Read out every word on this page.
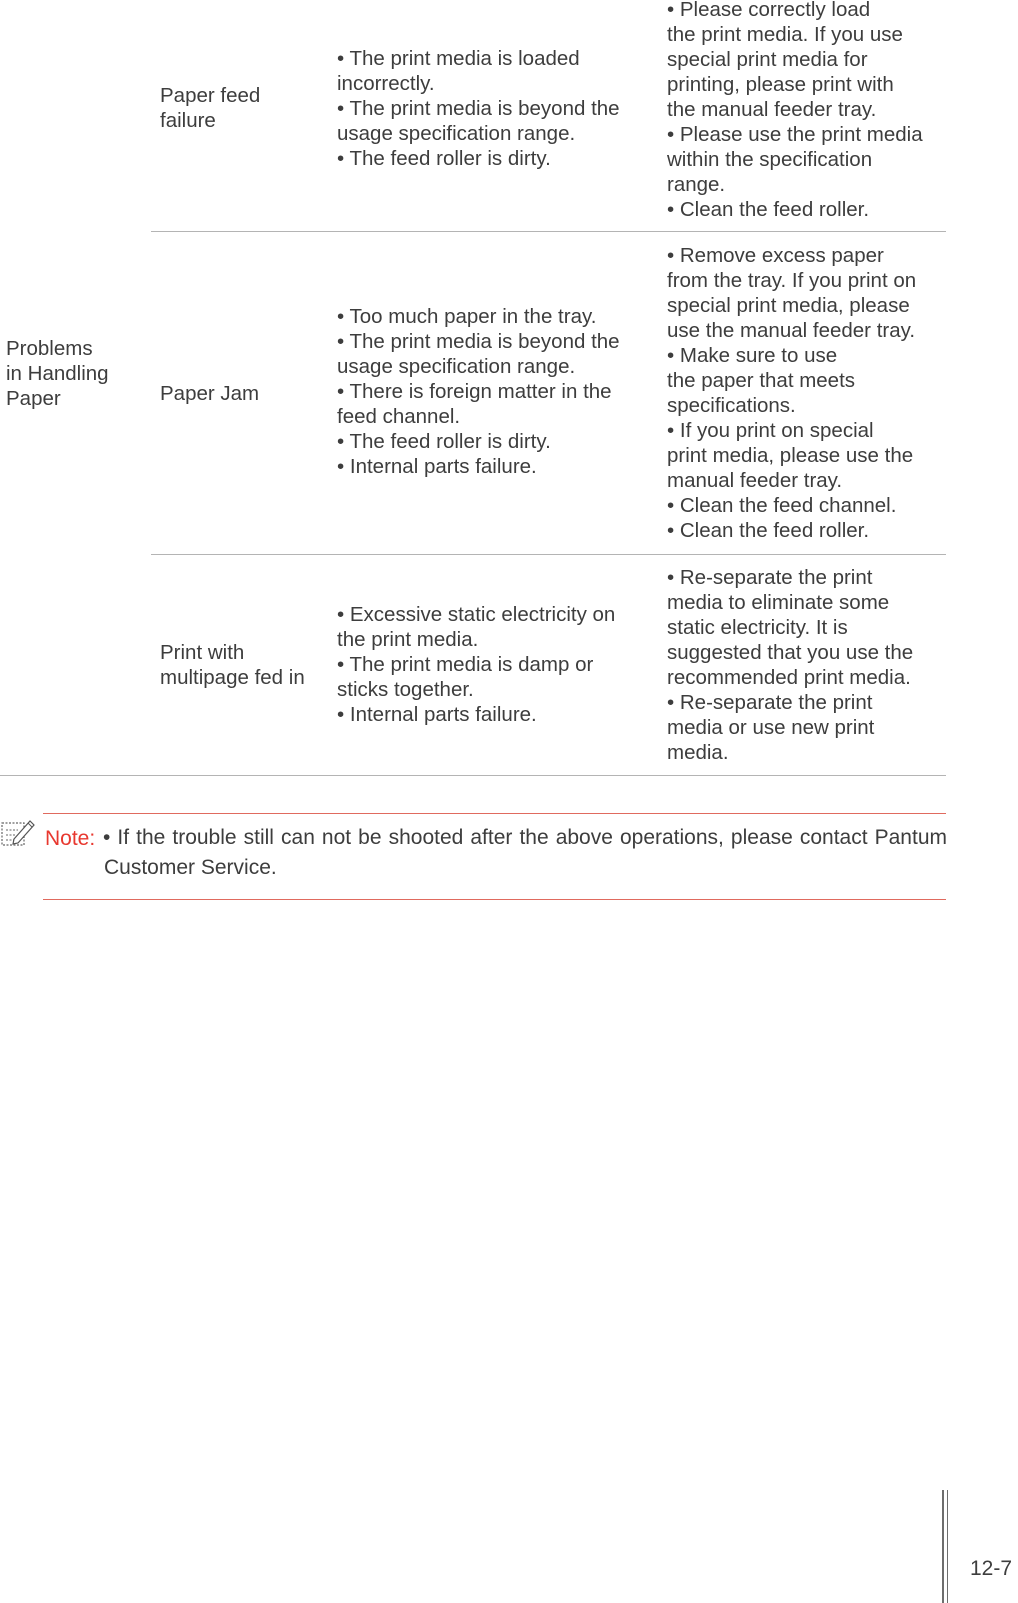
Problems
in Handling
Paper
Paper feed
failure
• The print media is loaded
incorrectly.
• The print media is beyond the
usage specification range.
• The feed roller is dirty.
• Please correctly load
the print media. If you use
special print media for
printing, please print with
the manual feeder tray.
• Please use the print media
within the specification
range.
• Clean the feed roller.
Paper Jam
• Too much paper in the tray.
• The print media is beyond the
usage specification range.
• There is foreign matter in the
feed channel.
• The feed roller is dirty.
• Internal parts failure.
• Remove excess paper
from the tray. If you print on
special print media, please
use the manual feeder tray.
• Make sure to use
the paper that meets
specifications.
• If you print on special
print media, please use the
manual feeder tray.
• Clean the feed channel.
• Clean the feed roller.
Print with
multipage fed in
• Excessive static electricity on
the print media.
• The print media is damp or
sticks together.
• Internal parts failure.
• Re-separate the print
media to eliminate some
static electricity. It is
suggested that you use the
recommended print media.
• Re-separate the print
media or use new print
media.
Note: • If the trouble still can not be shooted after the above operations, please contact Pantum Customer Service.
12-7
